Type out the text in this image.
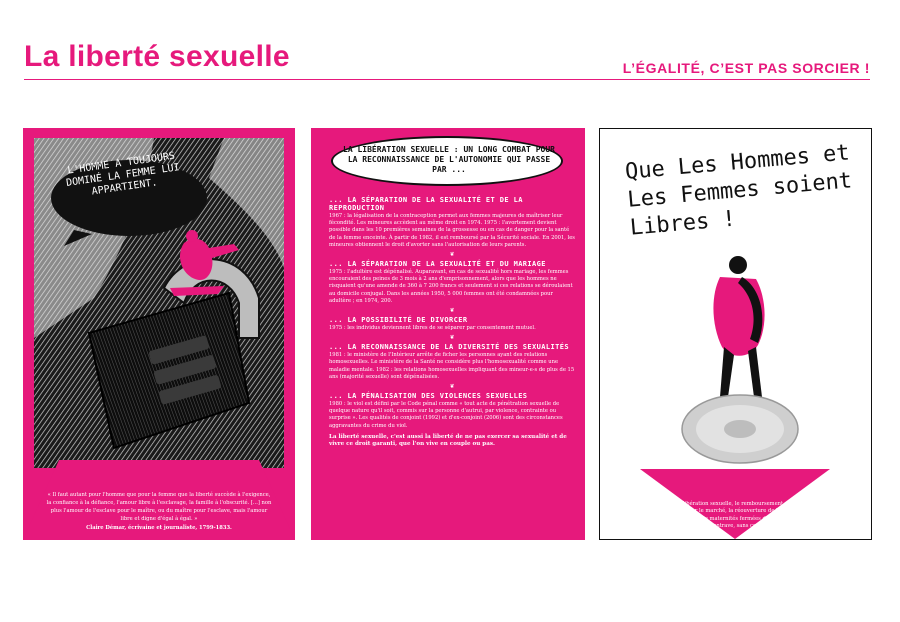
La liberté sexuelle	L’ÉGALITÉ, C’EST PAS SORCIER !
L'HOMME A TOUJOURS DOMINÉ LA FEMME LUI APPARTIENT.
« Il faut autant pour l'homme que pour la femme que la liberté succède à l'exigence, la confiance à la défiance, l'amour libre à l'esclavage, la famille à l'obscurité. [...] non plus l'amour de l'esclave pour le maître, ou du maître pour l'esclave, mais l'amour libre et digne d'égal à égal. »
Claire Démar, écrivaine et journaliste, 1799-1833.
LA LIBÉRATION SEXUELLE : UN LONG COMBAT POUR LA RECONNAISSANCE DE L'AUTONOMIE QUI PASSE PAR ...
... LA SÉPARATION DE LA SEXUALITÉ ET DE LA REPRODUCTION

1967 : la légalisation de la contraception permet aux femmes majeures de maîtriser leur fécondité. Les mineures accèdent au même droit en 1974. 1975 : l'avortement devient possible dans les 10 premières semaines de la grossesse ou en cas de danger pour la santé de la femme enceinte. À partir de 1982, il est remboursé par la Sécurité sociale. En 2001, les mineures obtiennent le droit d'avorter sans l'autorisation de leurs parents.

❦
... LA SÉPARATION DE LA SEXUALITÉ ET DU MARIAGE

1975 : l'adultère est dépénalisé. Auparavant, en cas de sexualité hors mariage, les femmes encouraient des peines de 3 mois à 2 ans d'emprisonnement, alors que les hommes ne risquaient qu'une amende de 360 à 7 200 francs et seulement si ces relations se déroulaient au domicile conjugal. Dans les années 1950, 5 000 femmes ont été condamnées pour adultère ; en 1974, 200.

❦
... LA POSSIBILITÉ DE DIVORCER

1975 : les individus deviennent libres de se séparer par consentement mutuel.

❦
... LA RECONNAISSANCE DE LA DIVERSITÉ DES SEXUALITÉS

1981 : le ministère de l'Intérieur arrête de ficher les personnes ayant des relations homosexuelles. Le ministère de la Santé ne considère plus l'homosexualité comme une maladie mentale. 1982 : les relations homosexuelles impliquant des mineur-e-s de plus de 15 ans (majorité sexuelle) sont dépénalisées.

❦
... LA PÉNALISATION DES VIOLENCES SEXUELLES

1980 : le viol est défini par le Code pénal comme « tout acte de pénétration sexuelle de quelque nature qu'il soit, commis sur la personne d'autrui, par violence, contrainte ou surprise ». Les qualités de conjoint (1992) et d'ex-conjoint (2006) sont des circonstances aggravantes du crime du viol.

La liberté sexuelle, c'est aussi la liberté de ne pas exercer sa sexualité et de vivre ce droit garanti, que l'on vive en couple ou pas.

Que Les Hommes et Les Femmes soient Libres !
25 ans après la libération sexuelle, le remboursement de tous les moyens contraceptifs mis sur le marché, la réouverture de la centaine de centres IVG et de la centaine de maternités fermées depuis 2007 ; la liberté de vivre sa sexualité, sans entrave, sans contrainte ni discrimination.
